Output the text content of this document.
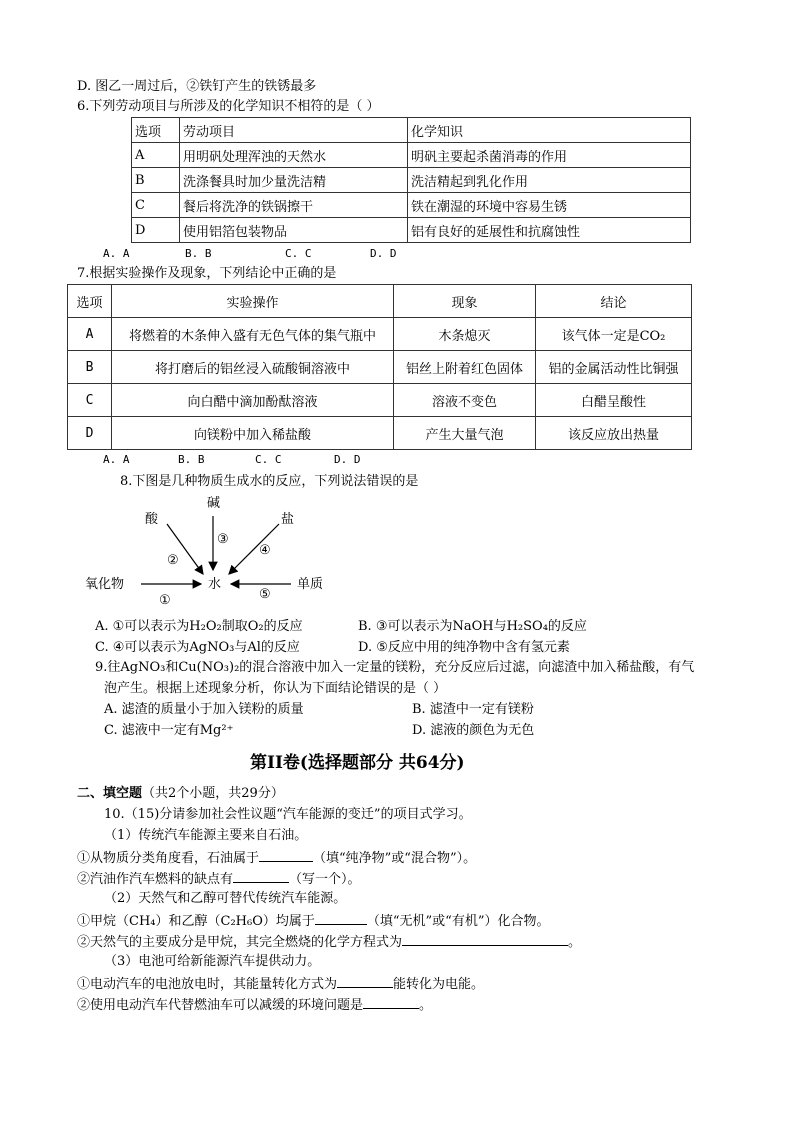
D. 图乙一周过后，②铁钉产生的铁锈最多
6.下列劳动项目与所涉及的化学知识不相符的是（ ）
选项	劳动项目	化学知识
A	用明矾处理浑浊的天然水	明矾主要起杀菌消毒的作用
B	洗涤餐具时加少量洗洁精	洗洁精起到乳化作用
C	餐后将洗净的铁锅擦干	铁在潮湿的环境中容易生锈
D	使用铝箔包装物品	铝有良好的延展性和抗腐蚀性
A. A	B. B	C. C	D. D
7.根据实验操作及现象，下列结论中正确的是
选项	实验操作	现象	结论
A	将燃着的木条伸入盛有无色气体的集气瓶中	木条熄灭	该气体一定是CO₂
B	将打磨后的铝丝浸入硫酸铜溶液中	铝丝上附着红色固体	铝的金属活动性比铜强
C	向白醋中滴加酚酞溶液	溶液不变色	白醋呈酸性
D	向镁粉中加入稀盐酸	产生大量气泡	该反应放出热量
A. A	B. B	C. C	D. D
8.下图是几种物质生成水的反应，下列说法错误的是
碱
酸	盐
氧化物	水	单质
①
②
③
④
⑤
A. ①可以表示为H₂O₂制取O₂的反应	B. ③可以表示为NaOH与H₂SO₄的反应
C. ④可以表示为AgNO₃与Al的反应	D. ⑤反应中用的纯净物中含有氢元素
9.往AgNO₃和Cu(NO₃)₂的混合溶液中加入一定量的镁粉，充分反应后过滤，向滤渣中加入稀盐酸，有气
泡产生。根据上述现象分析，你认为下面结论错误的是（ ）
A. 滤渣的质量小于加入镁粉的质量	B. 滤渣中一定有镁粉
C. 滤液中一定有Mg²⁺	D. 滤液的颜色为无色
第II卷(选择题部分 共64分)
二、填空题（共2个小题，共29分）
10.（15)分请参加社会性议题“汽车能源的变迁”的项目式学习。
（1）传统汽车能源主要来自石油。
①从物质分类角度看，石油属于	（填“纯净物”或“混合物”）。
②汽油作汽车燃料的缺点有	（写一个）。
（2）天然气和乙醇可替代传统汽车能源。
①甲烷（CH₄）和乙醇（C₂H₆O）均属于	（填“无机”或“有机”）化合物。
②天然气的主要成分是甲烷，其完全燃烧的化学方程式为	。
（3）电池可给新能源汽车提供动力。
①电动汽车的电池放电时，其能量转化方式为	能转化为电能。
②使用电动汽车代替燃油车可以减缓的环境问题是	。
